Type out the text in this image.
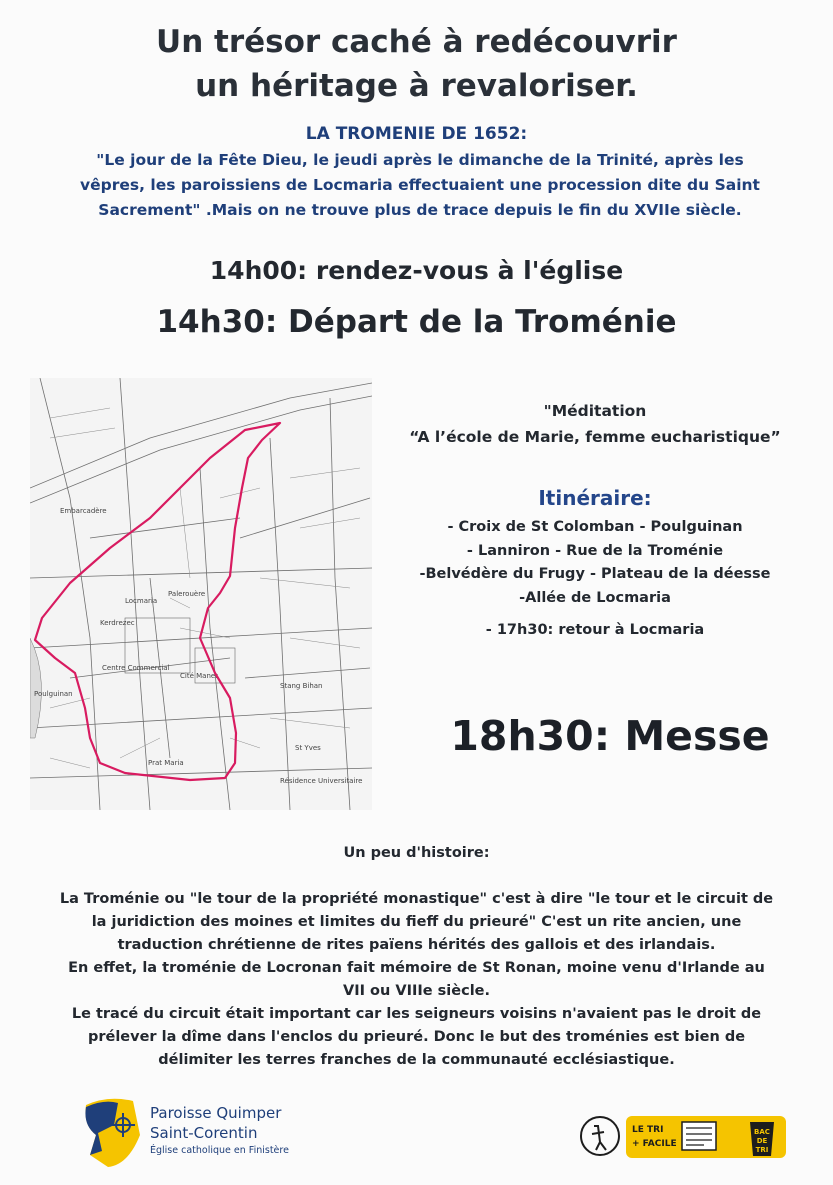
Un trésor caché à redécouvrir
un héritage à revaloriser.
LA TROMENIE DE 1652:
"Le jour de la Fête Dieu, le jeudi après le dimanche de la Trinité, après les
vêpres, les paroissiens de Locmaria effectuaient une procession dite du Saint
Sacrement" .Mais on ne trouve plus de trace depuis le fin du XVIIe siècle.
14h00: rendez-vous à l'église
14h30: Départ de la Troménie
Locmaria
Kerdrezec
Centre Commercial
Prat Maria
Palerouère
Poulguinan
St Yves
Résidence Universitaire
Stang Bihan
Cité Manet
Embarcadère
"Méditation
“A l’école de Marie, femme eucharistique”
Itinéraire:
- Croix de St Colomban - Poulguinan
- Lanniron - Rue de la Troménie
-Belvédère du Frugy - Plateau de la déesse
-Allée de Locmaria
- 17h30: retour à Locmaria
18h30: Messe
Un peu d'histoire:
La Troménie ou "le tour de la propriété monastique" c'est à dire "le tour et le circuit de
la juridiction des moines et limites du fieff du prieuré" C'est un rite ancien, une
traduction chrétienne de rites païens hérités des gallois et des irlandais.
En effet, la troménie de Locronan fait mémoire de St Ronan, moine venu d'Irlande au
VII ou VIIIe siècle.
Le tracé du circuit était important car les seigneurs voisins n'avaient pas le droit de
prélever la dîme dans l'enclos du prieuré. Donc le but des troménies est bien de
délimiter les terres franches de la communauté ecclésiastique.
Paroisse Quimper
Saint-Corentin
Église catholique en Finistère
LE TRI
+ FACILE
BAC
DE
TRI
